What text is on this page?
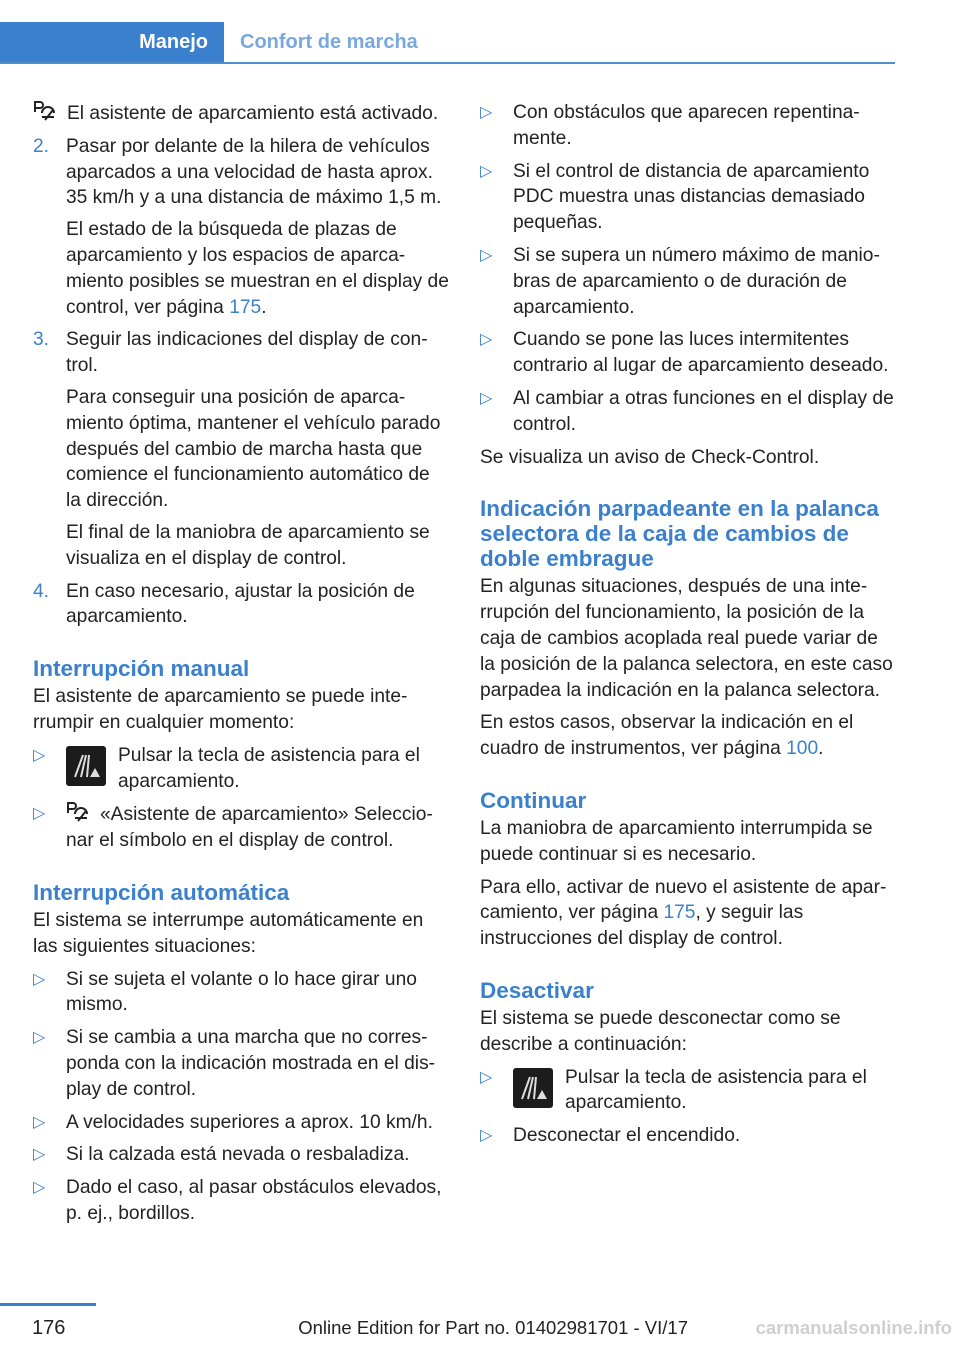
Manejo	Confort de marcha

El asistente de aparcamiento está activado.

2. Pasar por delante de la hilera de vehículos aparcados a una velocidad de hasta aprox. 35 km/h y a una distancia de máximo 1,5 m.

El estado de la búsqueda de plazas de aparcamiento y los espacios de aparcamiento posibles se muestran en el display de control, ver página 175.

3. Seguir las indicaciones del display de control.

Para conseguir una posición de aparcamiento óptima, mantener el vehículo parado después del cambio de marcha hasta que comience el funcionamiento automático de la dirección.

El final de la maniobra de aparcamiento se visualiza en el display de control.

4. En caso necesario, ajustar la posición de aparcamiento.
Interrupción manual

El asistente de aparcamiento se puede interrumpir en cualquier momento:

▷	Pulsar la tecla de asistencia para el aparcamiento.
▷	«Asistente de aparcamiento» Seleccionar el símbolo en el display de control.
Interrupción automática

El sistema se interrumpe automáticamente en las siguientes situaciones:

▷ Si se sujeta el volante o lo hace girar uno mismo.
▷ Si se cambia a una marcha que no corresponda con la indicación mostrada en el display de control.
▷ A velocidades superiores a aprox. 10 km/h.
▷ Si la calzada está nevada o resbaladiza.
▷ Dado el caso, al pasar obstáculos elevados, p. ej., bordillos.
▷ Con obstáculos que aparecen repentinamente.
▷ Si el control de distancia de aparcamiento PDC muestra unas distancias demasiado pequeñas.
▷ Si se supera un número máximo de maniobras de aparcamiento o de duración de aparcamiento.
▷ Cuando se pone las luces intermitentes contrario al lugar de aparcamiento deseado.
▷ Al cambiar a otras funciones en el display de control.

Se visualiza un aviso de Check-Control.

Indicación parpadeante en la palanca selectora de la caja de cambios de doble embrague

En algunas situaciones, después de una interrupción del funcionamiento, la posición de la caja de cambios acoplada real puede variar de la posición de la palanca selectora, en este caso parpadea la indicación en la palanca selectora.

En estos casos, observar la indicación en el cuadro de instrumentos, ver página 100.

Continuar

La maniobra de aparcamiento interrumpida se puede continuar si es necesario.

Para ello, activar de nuevo el asistente de aparcamiento, ver página 175, y seguir las instrucciones del display de control.

Desactivar

El sistema se puede desconectar como se describe a continuación:

▷	Pulsar la tecla de asistencia para el aparcamiento.
▷ Desconectar el encendido.
176	Online Edition for Part no. 01402981701 - VI/17	carmanualsonline.info
